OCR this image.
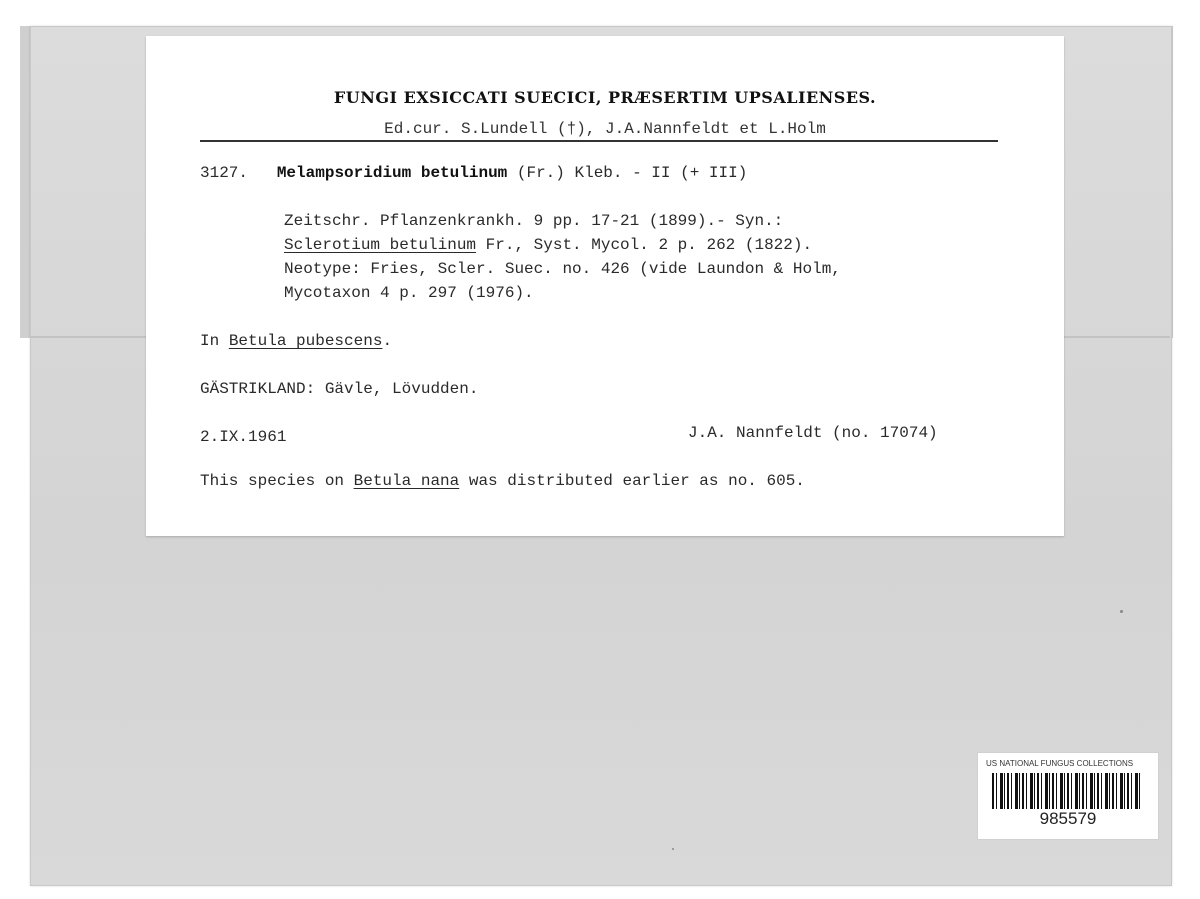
FUNGI EXSICCATI SUECICI, PRÆSERTIM UPSALIENSES.
Ed.cur. S.Lundell (†), J.A.Nannfeldt et L.Holm
3127. Melampsoridium betulinum (Fr.) Kleb. - II (+ III)
Zeitschr. Pflanzenkrankh. 9 pp. 17-21 (1899).- Syn.:
Sclerotium betulinum Fr., Syst. Mycol. 2 p. 262 (1822).
Neotype: Fries, Scler. Suec. no. 426 (vide Laundon & Holm,
Mycotaxon 4 p. 297 (1976).
In Betula pubescens.
GÄSTRIKLAND: Gävle, Lövudden.
2.IX.1961	J.A. Nannfeldt (no. 17074)
This species on Betula nana was distributed earlier as no. 605.
US NATIONAL FUNGUS COLLECTIONS
985579
